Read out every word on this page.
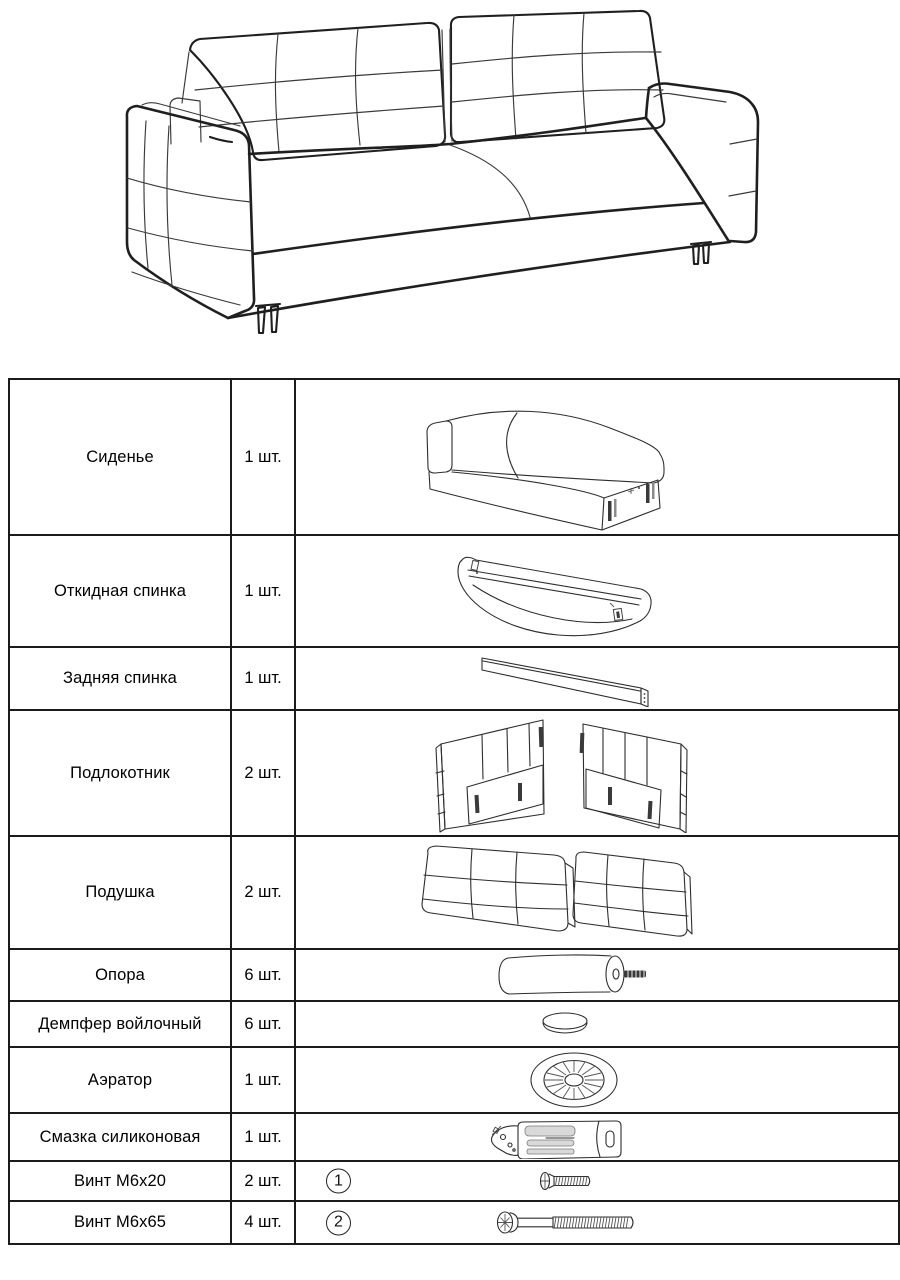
Сиденье	1 шт.	

Откидная спинка	1 шт.	

Задняя спинка	1 шт.	

Подлокотник	2 шт.	

Подушка	2 шт.	

Опора	6 шт.	

Демпфер войлочный	6 шт.	

Аэратор	1 шт.	

Смазка силиконовая	1 шт.	

Винт М6х20	2 шт.	1

Винт М6х65	4 шт.	2
